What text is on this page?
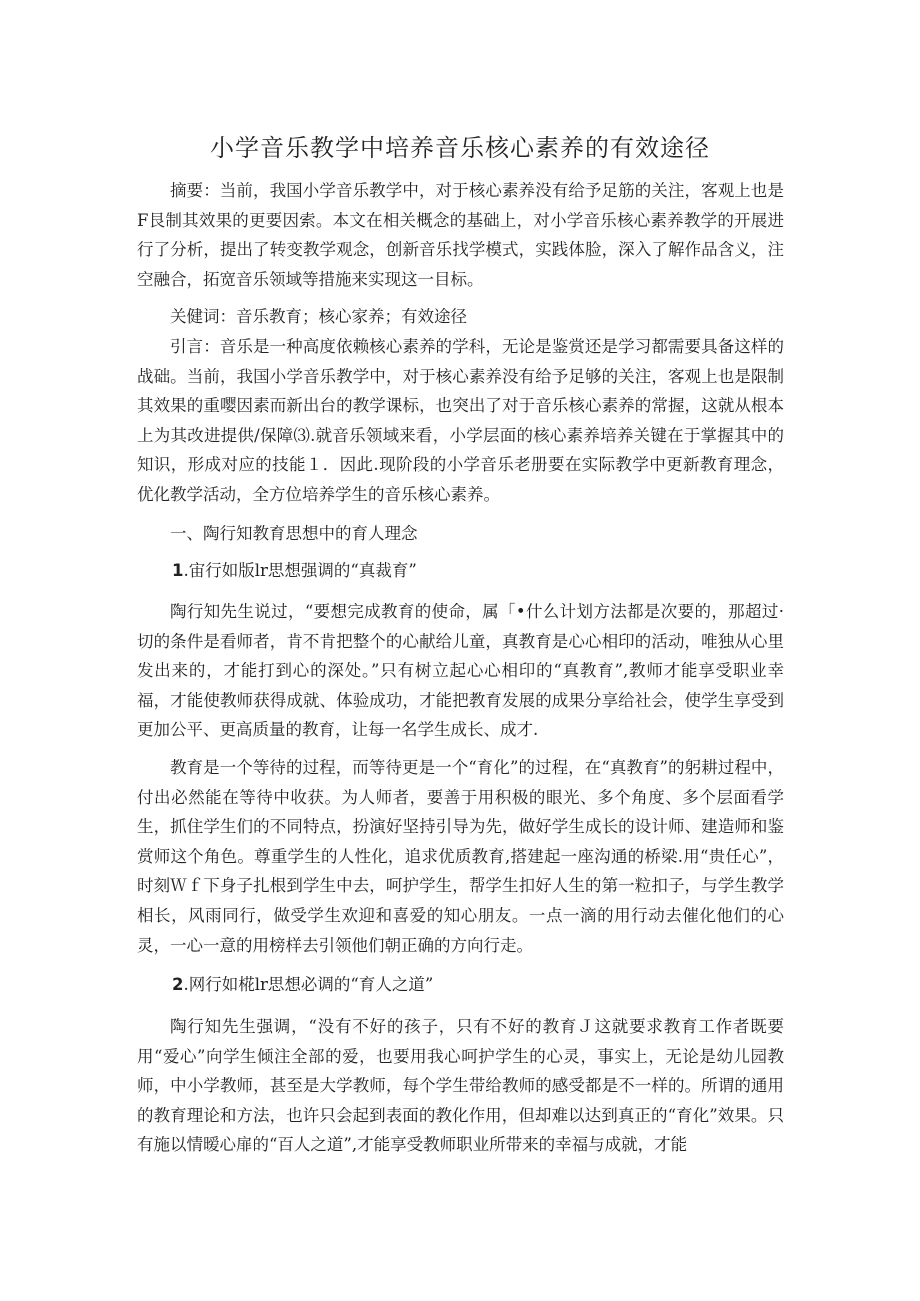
小学音乐教学中培养音乐核心素养的有效途径
摘要：当前，我国小学音乐教学中，对于核心素养没有给予足筋的关注，客观上也是F艮制其效果的更要因索。本文在相关概念的基础上，对小学音乐核心素养教学的开展进行了分析，提出了转变教学观念，创新音乐找学模式，实践体脸，深入了解作品含义，注空融合，拓宽音乐领域等措施来实现这一目标。
关健词：音乐教育；核心家养；有效途径
引言：音乐是一种高度依赖核心素养的学科，无论是鉴赏还是学习都需要具备这样的战础。当前，我国小学音乐教学中，对于核心素养没有给予足够的关注，客观上也是限制其效果的重嘤因素而新出台的教学课标，也突出了对于音乐核心素养的常握，这就从根本上为其改进提供/保障⑶.就音乐领域来看，小学层面的核心素养培养关键在于掌握其中的知识，形成对应的技能１．因此.现阶段的小学音乐老册要在实际教学中更新教育理念，优化教学活动，全方位培养学生的音乐核心素养。
一、陶行知教育思想中的育人理念
1.宙行如版lr思想强调的“真裁育”
陶行知先生说过，“要想完成教育的使命，属「•什么计划方法都是次要的，那超过·切的条件是看师者，肯不肯把整个的心献给儿童，真教育是心心相印的活动，唯独从心里发出来的，才能打到心的深处。”只有树立起心心相印的“真教育”,教师才能享受职业幸福，才能使教师获得成就、体验成功，才能把教育发展的成果分享给社会，使学生享受到更加公平、更高质量的教育，让每一名学生成长、成才.
教育是一个等待的过程，而等待更是一个“育化”的过程，在“真教育”的躬耕过程中，付出必然能在等待中收获。为人师者，要善于用积极的眼光、多个角度、多个层面看学生，抓住学生们的不同特点，扮演好坚持引导为先，做好学生成长的设计师、建造师和鉴赏师这个角色。尊重学生的人性化，追求优质教育,搭建起一座沟通的桥梁.用“贵任心”，时刻Ｗｆ下身子扎根到学生中去，呵护学生，帮学生扣好人生的第一粒扣子，与学生教学相长，风雨同行，做受学生欢迎和喜爱的知心朋友。一点一滴的用行动去催化他们的心灵，一心一意的用榜样去引领他们朝正确的方向行走。
2.网行如椛lr思想必调的“育人之道”
陶行知先生强调，“没有不好的孩子，只有不好的教育Ｊ这就要求教育工作者既要用“爱心”向学生倾注全部的爱，也要用我心呵护学生的心灵，事实上，无论是幼儿园教师，中小学教师，甚至是大学教师，每个学生带给教师的感受都是不一样的。所谓的通用的教育理论和方法，也许只会起到表面的教化作用，但却难以达到真正的“育化”效果。只有施以情暧心扉的“百人之道”,才能享受教师职业所带来的幸福与成就，才能
